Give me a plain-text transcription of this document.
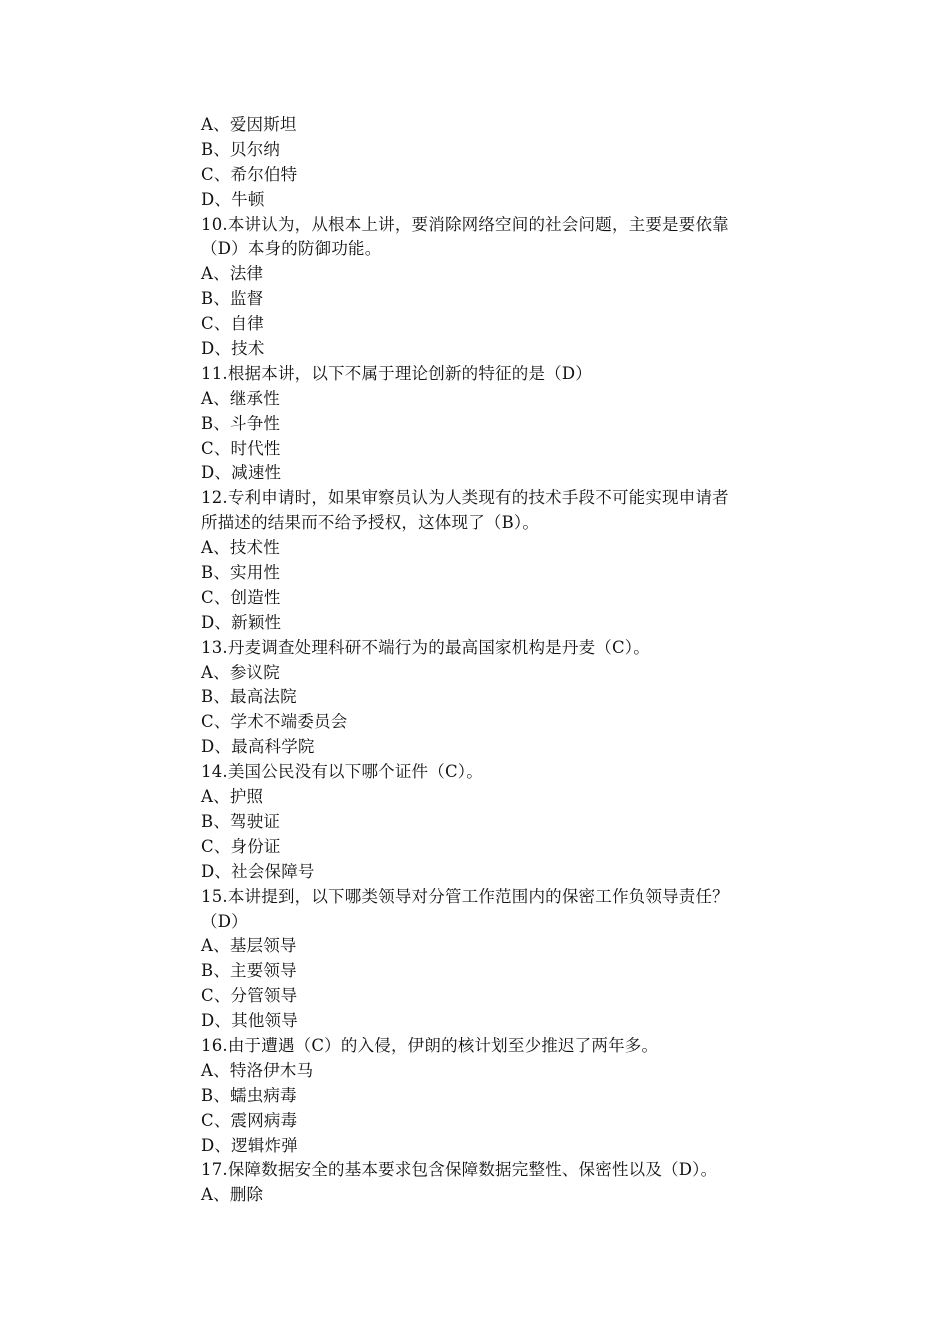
A、爱因斯坦
B、贝尔纳
C、希尔伯特
D、牛顿
10.本讲认为，从根本上讲，要消除网络空间的社会问题，主要是要依靠
（D）本身的防御功能。
A、法律
B、监督
C、自律
D、技术
11.根据本讲，以下不属于理论创新的特征的是（D）
A、继承性
B、斗争性
C、时代性
D、减速性
12.专利申请时，如果审察员认为人类现有的技术手段不可能实现申请者
所描述的结果而不给予授权，这体现了（B）。
A、技术性
B、实用性
C、创造性
D、新颖性
13.丹麦调查处理科研不端行为的最高国家机构是丹麦（C）。
A、参议院
B、最高法院
C、学术不端委员会
D、最高科学院
14.美国公民没有以下哪个证件（C）。
A、护照
B、驾驶证
C、身份证
D、社会保障号
15.本讲提到，以下哪类领导对分管工作范围内的保密工作负领导责任？
（D）
A、基层领导
B、主要领导
C、分管领导
D、其他领导
16.由于遭遇（C）的入侵，伊朗的核计划至少推迟了两年多。
A、特洛伊木马
B、蠕虫病毒
C、震网病毒
D、逻辑炸弹
17.保障数据安全的基本要求包含保障数据完整性、保密性以及（D）。
A、删除
